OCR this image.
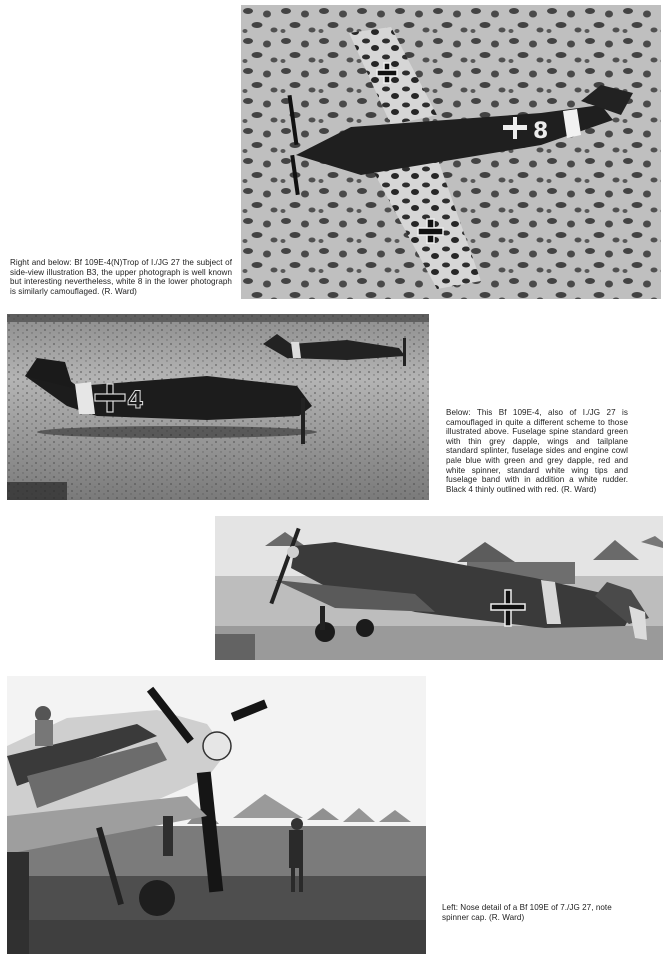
8

Right and below: Bf 109E-4(N)Trop of I./JG 27 the subject of side-view illustration B3, the upper photograph is well known but interesting nevertheless, white 8 in the lower photograph is similarly camouflaged. (R. Ward)

4	Below: This Bf 109E-4, also of I./JG 27 is camouflaged in quite a different scheme to those illustrated above. Fuselage spine standard green with thin grey dapple, wings and tailplane standard splinter, fuselage sides and engine cowl pale blue with green and grey dapple, red and white spinner, standard white wing tips and fuselage band with in addition a white rudder. Black 4 thinly outlined with red. (R. Ward)

Left: Nose detail of a Bf 109E of 7./JG 27, note spinner cap. (R. Ward)
